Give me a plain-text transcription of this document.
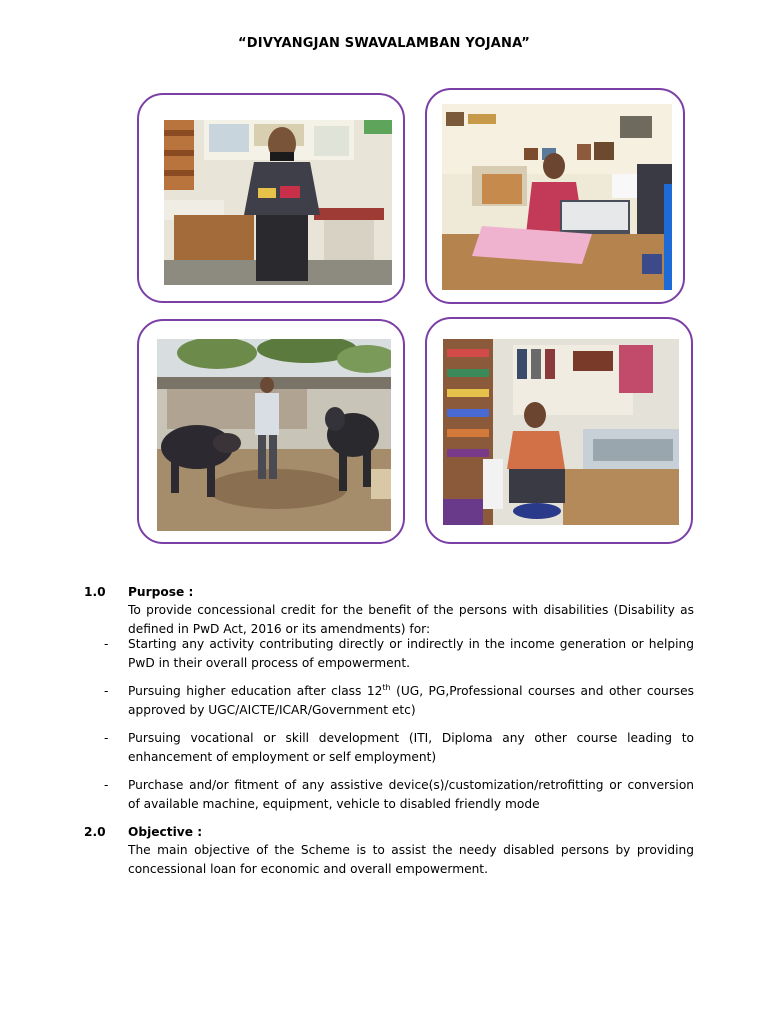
“DIVYANGJAN SWAVALAMBAN YOJANA”
1.0 Purpose :
To provide concessional credit for the benefit of the persons with disabilities (Disability as defined in PwD Act, 2016 or its amendments) for:
- Starting any activity contributing directly or indirectly in the income generation or helping PwD in their overall process of empowerment.
- Pursuing higher education after class 12th (UG, PG,Professional courses and other courses approved by UGC/AICTE/ICAR/Government etc)
- Pursuing vocational or skill development (ITI, Diploma any other course leading to enhancement of employment or self employment)
- Purchase and/or fitment of any assistive device(s)/customization/retrofitting or conversion of available machine, equipment, vehicle to disabled friendly mode
2.0 Objective :
The main objective of the Scheme is to assist the needy disabled persons by providing concessional loan for economic and overall empowerment.
